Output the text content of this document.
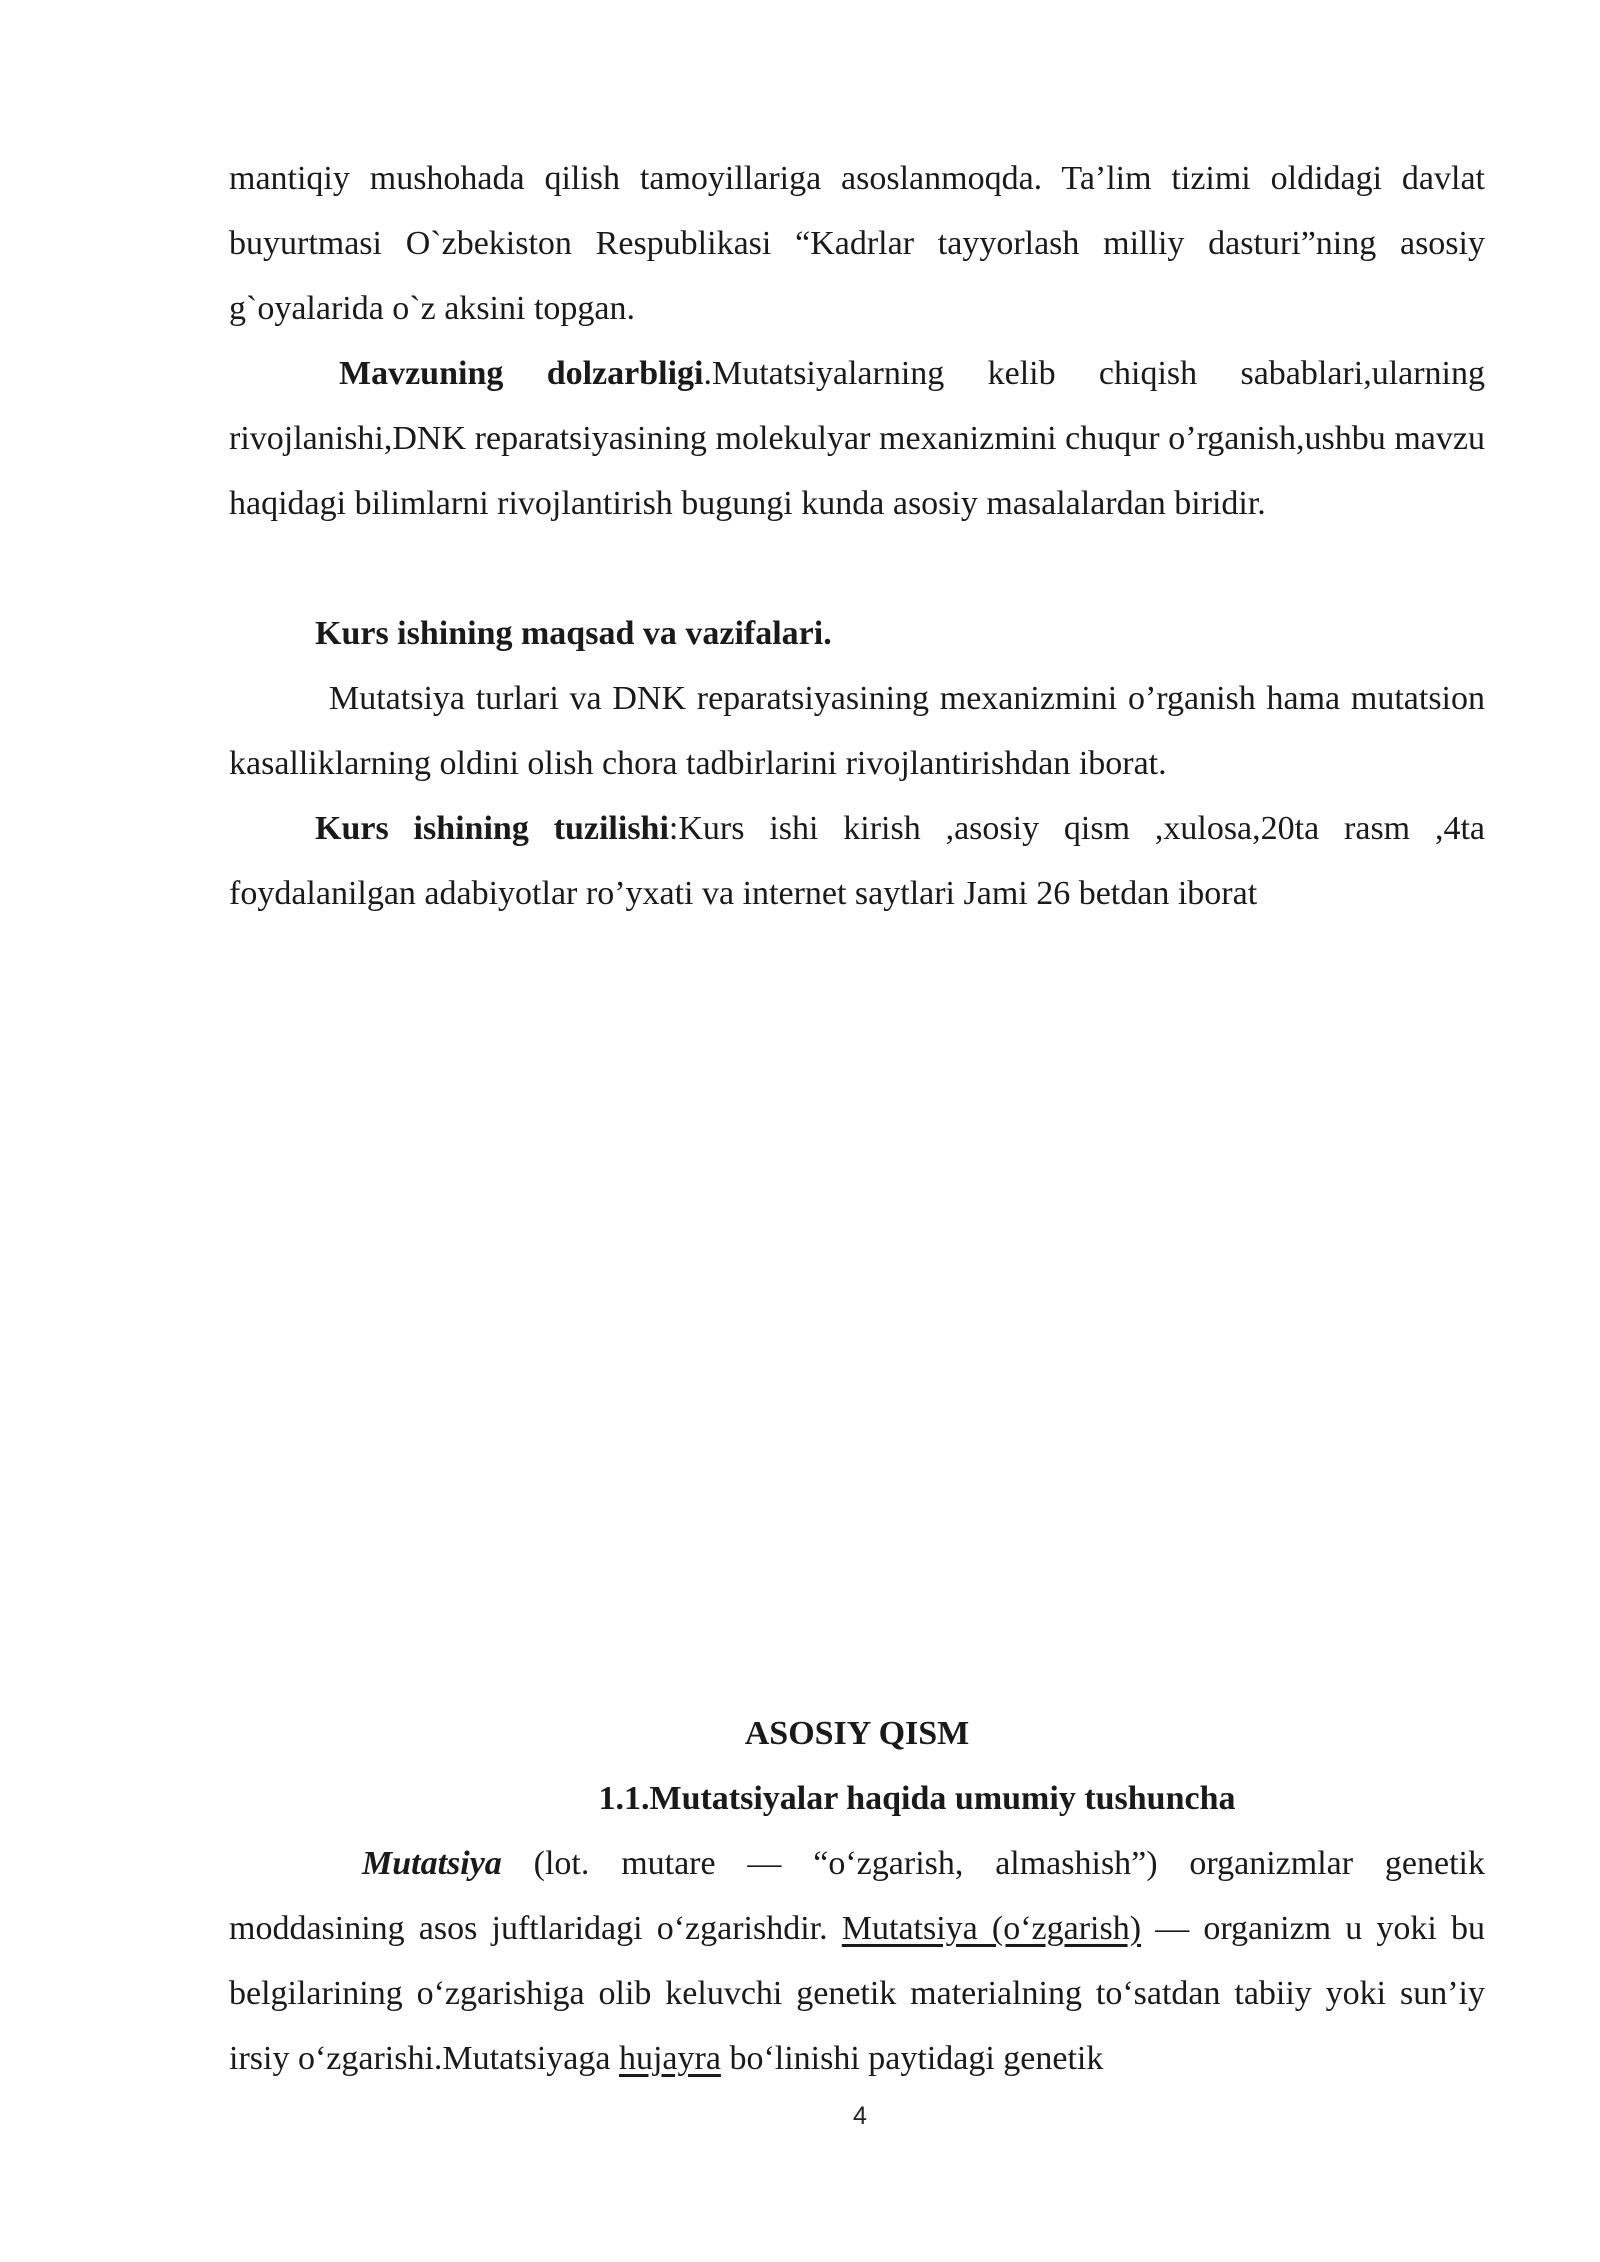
mantiqiy mushohada qilish tamoyillariga asoslanmoqda. Ta’lim tizimi oldidagi davlat buyurtmasi O`zbekiston Respublikasi “Kadrlar tayyorlash milliy dasturi”ning asosiy g`oyalarida o`z aksini topgan.

Mavzuning dolzarbligi.Mutatsiyalarning kelib chiqish sabablari,ularning rivojlanishi,DNK reparatsiyasining molekulyar mexanizmini chuqur o’rganish,ushbu mavzu haqidagi bilimlarni rivojlantirish bugungi kunda asosiy masalalardan biridir.

Kurs ishining maqsad va vazifalari.

Mutatsiya turlari va DNK reparatsiyasining mexanizmini o’rganish hama mutatsion kasalliklarning oldini olish chora tadbirlarini rivojlantirishdan iborat.

Kurs ishining tuzilishi:Kurs ishi kirish ,asosiy qism ,xulosa,20ta rasm ,4ta foydalanilgan adabiyotlar ro’yxati va internet saytlari Jami 26 betdan iborat

ASOSIY QISM
1.1.Mutatsiyalar haqida umumiy tushuncha

Mutatsiya (lot. mutare — “o‘zgarish, almashish”) organizmlar genetik moddasining asos juftlaridagi o‘zgarishdir. Mutatsiya (o‘zgarish) — organizm u yoki bu belgilarining o‘zgarishiga olib keluvchi genetik materialning to‘satdan tabiiy yoki sun’iy irsiy o‘zgarishi.Mutatsiyaga hujayra bo‘linishi paytidagi genetik

4
